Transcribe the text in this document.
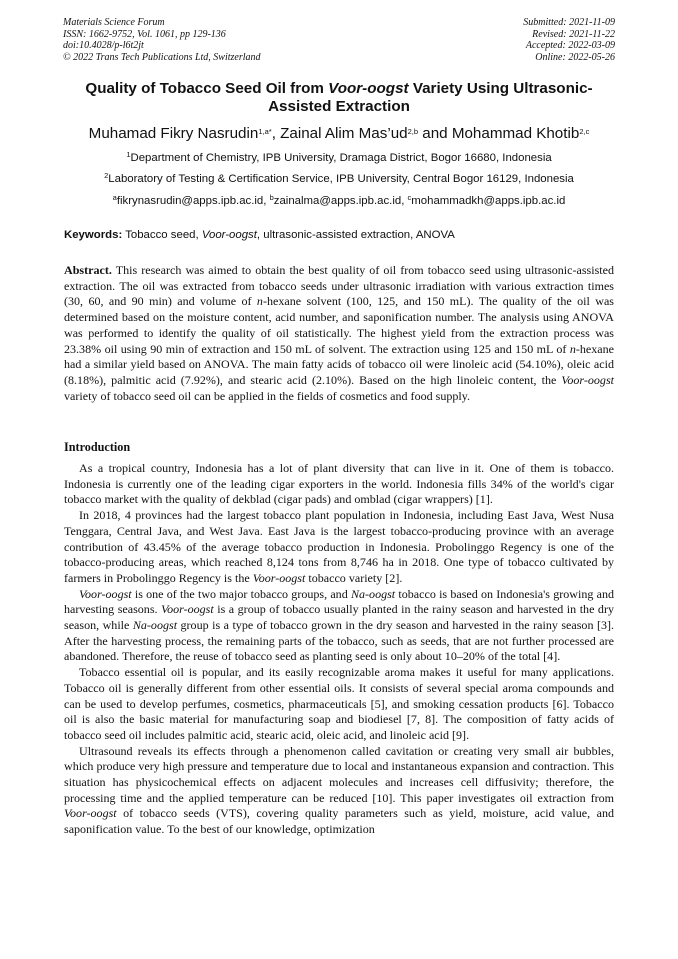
Materials Science Forum
ISSN: 1662-9752, Vol. 1061, pp 129-136
doi:10.4028/p-l6t2jt
© 2022 Trans Tech Publications Ltd, Switzerland
Submitted: 2021-11-09
Revised: 2021-11-22
Accepted: 2022-03-09
Online: 2022-05-26
Quality of Tobacco Seed Oil from Voor-oogst Variety Using Ultrasonic-Assisted Extraction
Muhamad Fikry Nasrudin$^{1,a*}$, Zainal Alim Mas’ud$^{2,b}$ and Mohammad Khotib$^{2,c}$
$^1$Department of Chemistry, IPB University, Dramaga District, Bogor 16680, Indonesia
$^2$Laboratory of Testing & Certification Service, IPB University, Central Bogor 16129, Indonesia
$^a$fikrynasrudin@apps.ipb.ac.id, $^b$zainalma@apps.ipb.ac.id, $^c$mohammadkh@apps.ipb.ac.id
Keywords: Tobacco seed, Voor-oogst, ultrasonic-assisted extraction, ANOVA
Abstract. This research was aimed to obtain the best quality of oil from tobacco seed using ultrasonic-assisted extraction. The oil was extracted from tobacco seeds under ultrasonic irradiation with various extraction times (30, 60, and 90 min) and volume of n-hexane solvent (100, 125, and 150 mL). The quality of the oil was determined based on the moisture content, acid number, and saponification number. The analysis using ANOVA was performed to identify the quality of oil statistically. The highest yield from the extraction process was 23.38% oil using 90 min of extraction and 150 mL of solvent. The extraction using 125 and 150 mL of n-hexane had a similar yield based on ANOVA. The main fatty acids of tobacco oil were linoleic acid (54.10%), oleic acid (8.18%), palmitic acid (7.92%), and stearic acid (2.10%). Based on the high linoleic content, the Voor-oogst variety of tobacco seed oil can be applied in the fields of cosmetics and food supply.
Introduction

As a tropical country, Indonesia has a lot of plant diversity that can live in it. One of them is tobacco. Indonesia is currently one of the leading cigar exporters in the world. Indonesia fills 34% of the world's cigar tobacco market with the quality of dekblad (cigar pads) and omblad (cigar wrappers) [1].

In 2018, 4 provinces had the largest tobacco plant population in Indonesia, including East Java, West Nusa Tenggara, Central Java, and West Java. East Java is the largest tobacco-producing province with an average contribution of 43.45% of the average tobacco production in Indonesia. Probolinggo Regency is one of the tobacco-producing areas, which reached 8,124 tons from 8,746 ha in 2018. One type of tobacco cultivated by farmers in Probolinggo Regency is the Voor-oogst tobacco variety [2].

Voor-oogst is one of the two major tobacco groups, and Na-oogst tobacco is based on Indonesia's growing and harvesting seasons. Voor-oogst is a group of tobacco usually planted in the rainy season and harvested in the dry season, while Na-oogst group is a type of tobacco grown in the dry season and harvested in the rainy season [3]. After the harvesting process, the remaining parts of the tobacco, such as seeds, that are not further processed are abandoned. Therefore, the reuse of tobacco seed as planting seed is only about 10–20% of the total [4].

Tobacco essential oil is popular, and its easily recognizable aroma makes it useful for many applications. Tobacco oil is generally different from other essential oils. It consists of several special aroma compounds and can be used to develop perfumes, cosmetics, pharmaceuticals [5], and smoking cessation products [6]. Tobacco oil is also the basic material for manufacturing soap and biodiesel [7, 8]. The composition of fatty acids of tobacco seed oil includes palmitic acid, stearic acid, oleic acid, and linoleic acid [9].

Ultrasound reveals its effects through a phenomenon called cavitation or creating very small air bubbles, which produce very high pressure and temperature due to local and instantaneous expansion and contraction. This situation has physicochemical effects on adjacent molecules and increases cell diffusivity; therefore, the processing time and the applied temperature can be reduced [10]. This paper investigates oil extraction from Voor-oogst of tobacco seeds (VTS), covering quality parameters such as yield, moisture, acid value, and saponification value. To the best of our knowledge, optimization
